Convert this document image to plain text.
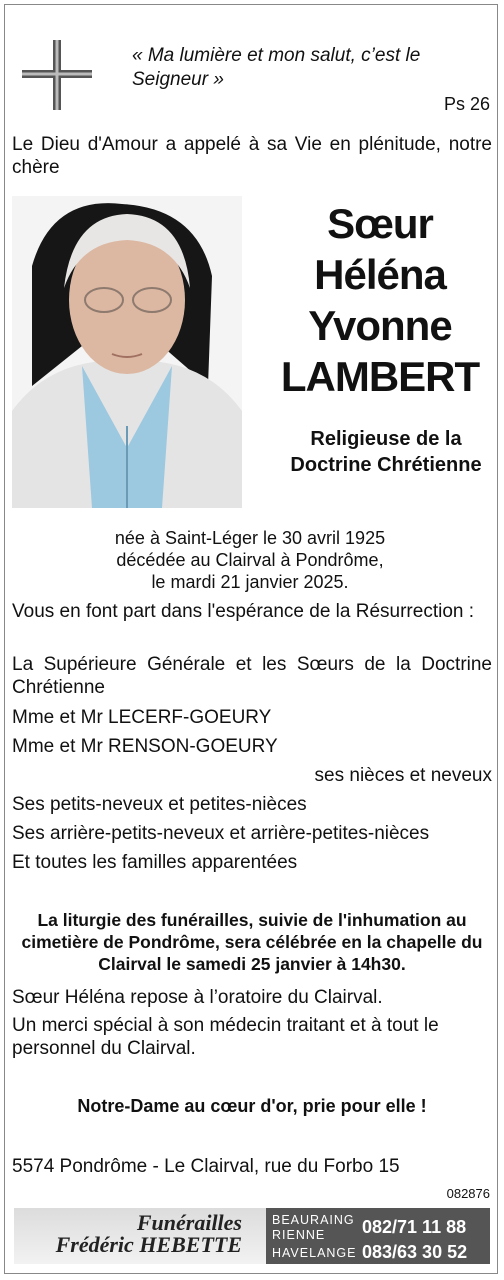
« Ma lumière et mon salut, c’est le Seigneur »
Ps 26
Le Dieu d'Amour a appelé à sa Vie en plénitude, notre chère
Sœur
Héléna
Yvonne
LAMBERT
Religieuse de la
Doctrine Chrétienne
née à Saint-Léger le 30 avril 1925
décédée au Clairval à Pondrôme,
le mardi 21 janvier 2025.
Vous en font part dans l'espérance de la Résurrection :
La Supérieure Générale et les Sœurs de la Doctrine Chrétienne
Mme et Mr LECERF-GOEURY
Mme et Mr RENSON-GOEURY
ses nièces et neveux
Ses petits-neveux et petites-nièces
Ses arrière-petits-neveux et arrière-petites-nièces
Et toutes les familles apparentées
La liturgie des funérailles, suivie de l'inhumation au cimetière de Pondrôme, sera célébrée en la chapelle du Clairval le samedi 25 janvier à 14h30.
Sœur Héléna repose à l’oratoire du Clairval.
Un merci spécial à son médecin traitant et à tout le personnel du Clairval.
Notre-Dame au cœur d'or, prie pour elle !
5574 Pondrôme - Le Clairval, rue du Forbo 15
082876
Funérailles
Frédéric HEBETTE
BEAURAING
RIENNE
HAVELANGE
082/71 11 88
083/63 30 52
